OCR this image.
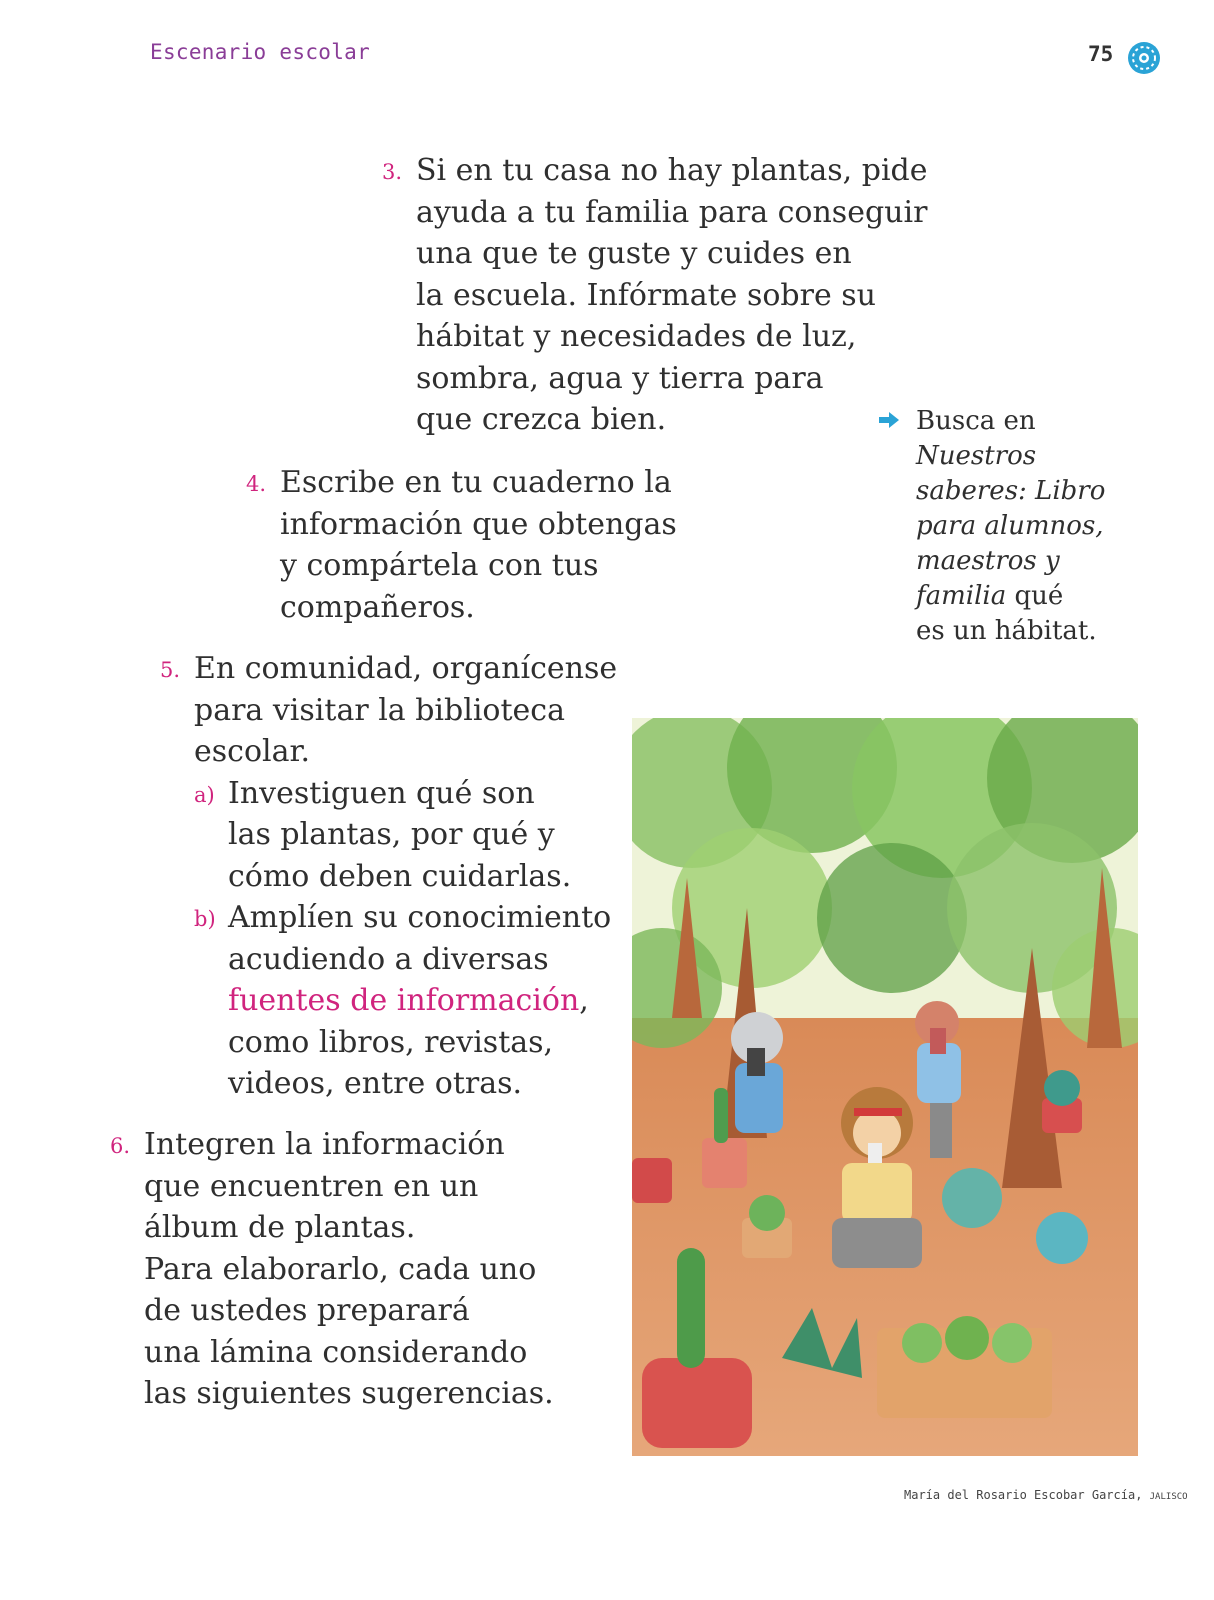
Escenario escolar	75
3. Si en tu casa no hay plantas, pide
ayuda a tu familia para conseguir
una que te guste y cuides en
la escuela. Infórmate sobre su
hábitat y necesidades de luz,
sombra, agua y tierra para
que crezca bien.
4. Escribe en tu cuaderno la
información que obtengas
y compártela con tus
compañeros.
5. En comunidad, organícense
para visitar la biblioteca
escolar.
a) Investiguen qué son
las plantas, por qué y
cómo deben cuidarlas.
b) Amplíen su conocimiento
acudiendo a diversas
fuentes de información,
como libros, revistas,
videos, entre otras.
6. Integren la información
que encuentren en un
álbum de plantas.
Para elaborarlo, cada uno
de ustedes preparará
una lámina considerando
las siguientes sugerencias.
Busca en
Nuestros
saberes: Libro
para alumnos,
maestros y
familia qué
es un hábitat.
María del Rosario Escobar García, JALISCO
